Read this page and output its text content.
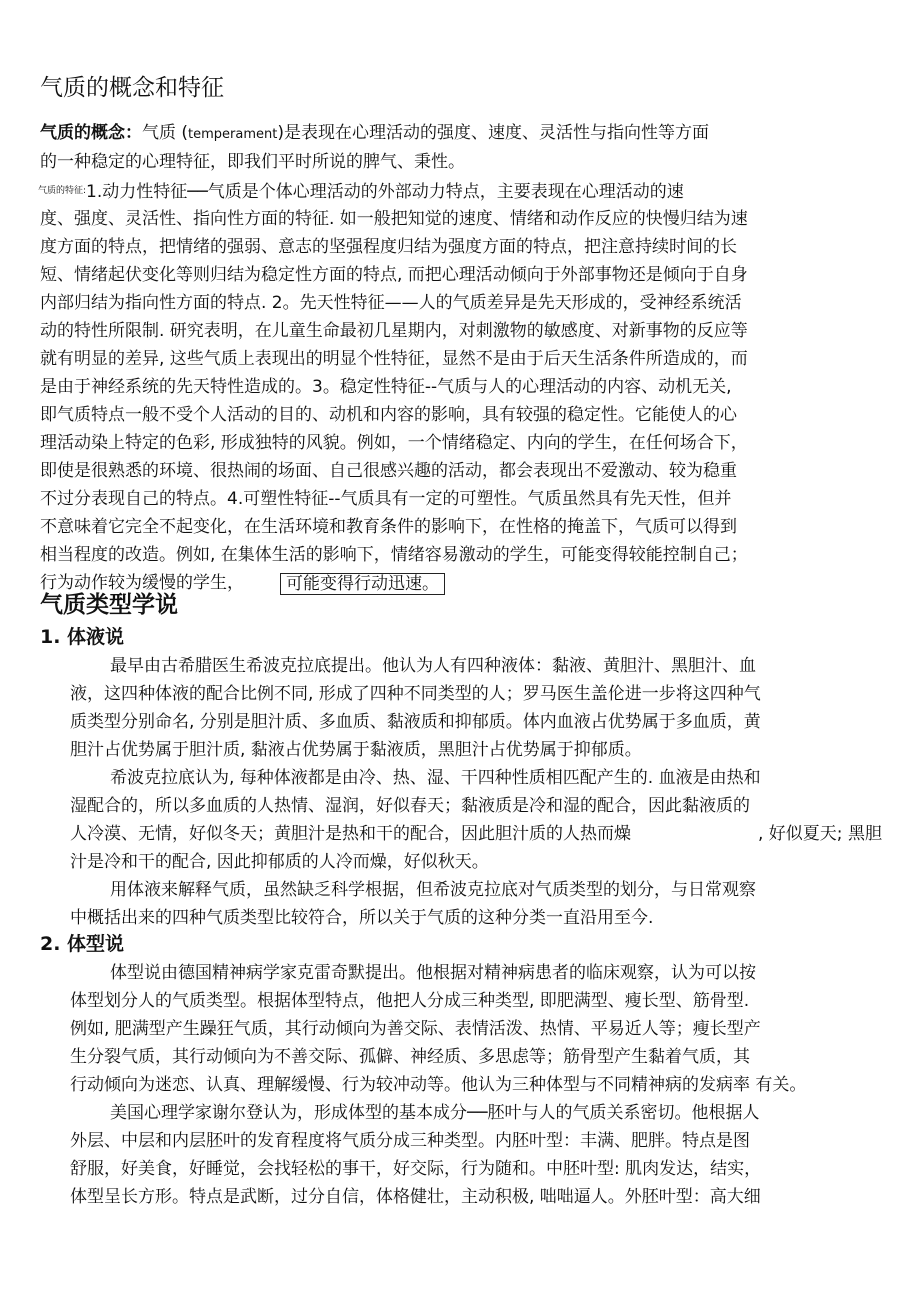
气质的概念和特征
气质的概念：气质 (temperament)是表现在心理活动的强度、速度、灵活性与指向性等方面
的一种稳定的心理特征，即我们平时所说的脾气、秉性。
$^{气质的特征:}$1.动力性特征──气质是个体心理活动的外部动力特点，主要表现在心理活动的速
度、强度、灵活性、指向性方面的特征. 如一般把知觉的速度、情绪和动作反应的快慢归结为速
度方面的特点，把情绪的强弱、意志的坚强程度归结为强度方面的特点，把注意持续时间的长
短、情绪起伏变化等则归结为稳定性方面的特点, 而把心理活动倾向于外部事物还是倾向于自身
内部归结为指向性方面的特点. 2。先天性特征——人的气质差异是先天形成的，受神经系统活
动的特性所限制. 研究表明，在儿童生命最初几星期内，对刺激物的敏感度、对新事物的反应等
就有明显的差异, 这些气质上表现出的明显个性特征，显然不是由于后天生活条件所造成的，而
是由于神经系统的先天特性造成的。3。稳定性特征--气质与人的心理活动的内容、动机无关,
即气质特点一般不受个人活动的目的、动机和内容的影响，具有较强的稳定性。它能使人的心
理活动染上特定的色彩, 形成独特的风貌。例如，一个情绪稳定、内向的学生，在任何场合下，
即使是很熟悉的环境、很热闹的场面、自己很感兴趣的活动，都会表现出不爱激动、较为稳重
不过分表现自己的特点。4.可塑性特征--气质具有一定的可塑性。气质虽然具有先天性，但并
不意味着它完全不起变化，在生活环境和教育条件的影响下，在性格的掩盖下，气质可以得到
相当程度的改造。例如, 在集体生活的影响下，情绪容易激动的学生，可能变得较能控制自己；
行为动作较为缓慢的学生，	可能变得行动迅速。
气质类型学说
1. 体液说
最早由古希腊医生希波克拉底提出。他认为人有四种液体：黏液、黄胆汁、黑胆汁、血
液，这四种体液的配合比例不同, 形成了四种不同类型的人；罗马医生盖伦进一步将这四种气
质类型分别命名, 分别是胆汁质、多血质、黏液质和抑郁质。体内血液占优势属于多血质，黄
胆汁占优势属于胆汁质, 黏液占优势属于黏液质，黑胆汁占优势属于抑郁质。
希波克拉底认为, 每种体液都是由冷、热、湿、干四种性质相匹配产生的. 血液是由热和
湿配合的，所以多血质的人热情、湿润，好似春天；黏液质是冷和湿的配合，因此黏液质的
人冷漠、无情，好似冬天；黄胆汁是热和干的配合，因此胆汁质的人热而燥	, 好似夏天; 黑胆
汁是冷和干的配合, 因此抑郁质的人冷而燥，好似秋天。
用体液来解释气质，虽然缺乏科学根据，但希波克拉底对气质类型的划分，与日常观察
中概括出来的四种气质类型比较符合，所以关于气质的这种分类一直沿用至今.
2. 体型说
体型说由德国精神病学家克雷奇默提出。他根据对精神病患者的临床观察，认为可以按
体型划分人的气质类型。根据体型特点，他把人分成三种类型, 即肥满型、瘦长型、筋骨型.
例如, 肥满型产生躁狂气质，其行动倾向为善交际、表情活泼、热情、平易近人等；瘦长型产
生分裂气质，其行动倾向为不善交际、孤僻、神经质、多思虑等；筋骨型产生黏着气质，其
行动倾向为迷恋、认真、理解缓慢、行为较冲动等。他认为三种体型与不同精神病的发病率 有关。
美国心理学家谢尔登认为，形成体型的基本成分──胚叶与人的气质关系密切。他根据人
外层、中层和内层胚叶的发育程度将气质分成三种类型。内胚叶型：丰满、肥胖。特点是图
舒服，好美食，好睡觉，会找轻松的事干，好交际，行为随和。中胚叶型: 肌肉发达，结实，
体型呈长方形。特点是武断，过分自信，体格健壮，主动积极, 咄咄逼人。外胚叶型：高大细
